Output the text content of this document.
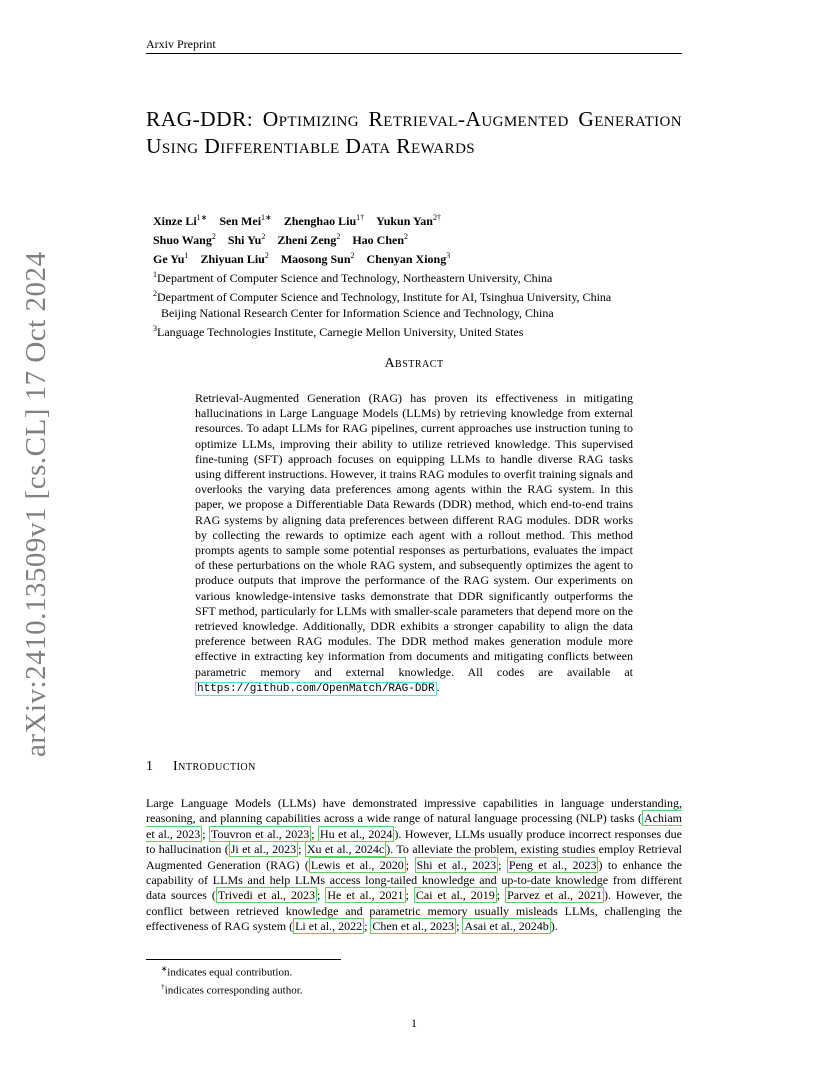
Arxiv Preprint
arXiv:2410.13509v1 [cs.CL] 17 Oct 2024
RAG-DDR: Optimizing Retrieval-Augmented Generation Using Differentiable Data Rewards
Xinze $Li^{1∗}$ Sen Mei$^{1∗}$ Zhenghao Liu$^{1\dagger}$ Yukun Yan$^{2\dagger}$
Shuo Wang$^2$ Shi Yu$^2$ Zheni Zeng$^2$ Hao Chen$^2$
Ge Yu$^1$ Zhiyuan Liu$^2$ Maosong Sun$^2$ Chenyan Xiong$^3$
$^1$Department of Computer Science and Technology, Northeastern University, China
$^2$Department of Computer Science and Technology, Institute for AI, Tsinghua University, China
Beijing National Research Center for Information Science and Technology, China
$^3$Language Technologies Institute, Carnegie Mellon University, United States
Abstract
Retrieval-Augmented Generation (RAG) has proven its effectiveness in mitigating hallucinations in Large Language Models (LLMs) by retrieving knowledge from external resources. To adapt LLMs for RAG pipelines, current approaches use instruction tuning to optimize LLMs, improving their ability to utilize retrieved knowledge. This supervised fine-tuning (SFT) approach focuses on equipping LLMs to handle diverse RAG tasks using different instructions. However, it trains RAG modules to overfit training signals and overlooks the varying data preferences among agents within the RAG system. In this paper, we propose a Differentiable Data Rewards (DDR) method, which end-to-end trains RAG systems by aligning data preferences between different RAG modules. DDR works by collecting the rewards to optimize each agent with a rollout method. This method prompts agents to sample some potential responses as perturbations, evaluates the impact of these perturbations on the whole RAG system, and subsequently optimizes the agent to produce outputs that improve the performance of the RAG system. Our experiments on various knowledge-intensive tasks demonstrate that DDR significantly outperforms the SFT method, particularly for LLMs with smaller-scale parameters that depend more on the retrieved knowledge. Additionally, DDR exhibits a stronger capability to align the data preference between RAG modules. The DDR method makes generation module more effective in extracting key information from documents and mitigating conflicts between parametric memory and external knowledge. All codes are available at https://github.com/OpenMatch/RAG-DDR .
1 Introduction
Large Language Models (LLMs) have demonstrated impressive capabilities in language understanding, reasoning, and planning capabilities across a wide range of natural language processing (NLP) tasks ( Achiam et al., 2023 ; Touvron et al., 2023 ; Hu et al., 2024 ). However, LLMs usually produce incorrect responses due to hallucination ( Ji et al., 2023 ; Xu et al., 2024c ). To alleviate the problem, existing studies employ Retrieval Augmented Generation (RAG) ( Lewis et al., 2020 ; Shi et al., 2023 ; Peng et al., 2023 ) to enhance the capability of LLMs and help LLMs access long-tailed knowledge and up-to-date knowledge from different data sources ( Trivedi et al., 2023 ; He et al., 2021 ; Cai et al., 2019 ; Parvez et al., 2021 ). However, the conflict between retrieved knowledge and parametric memory usually misleads LLMs, challenging the effectiveness of RAG system ( Li et al., 2022 ; Chen et al., 2023 ; Asai et al., 2024b ).
∗indicates equal contribution.
†indicates corresponding author.
1
